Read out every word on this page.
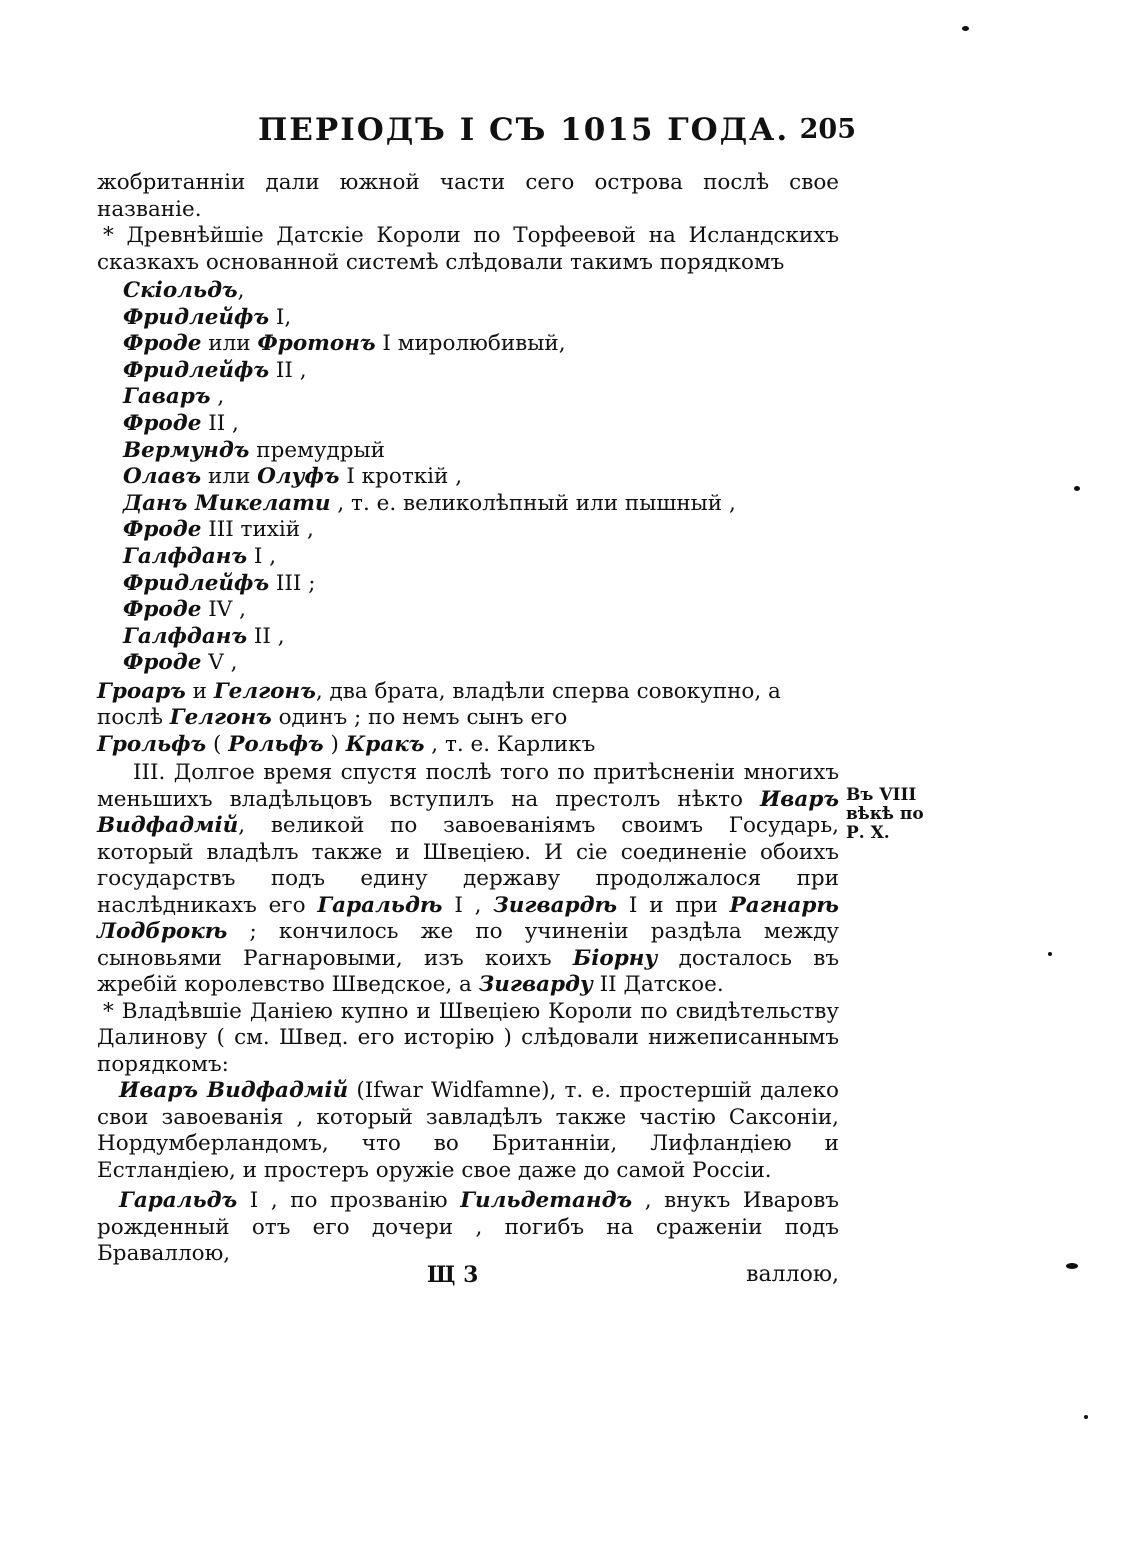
ПЕРІОДЪ І СЪ 1015 ГОДА. 205

жобританніи дали южной части сего острова послѣ свое названіе.

* Древнѣйшіе Датскіе Короли по Торфеевой на Исландскихъ сказкахъ основанной системѣ слѣдовали такимъ порядкомъ

Скіольдъ,
Фридлейфъ I,
Фроде или Фротонъ I миролюбивый,
Фридлейфъ II ,
Гаваръ ,
Фроде II ,
Вермундъ премудрый
Олавъ или Олуфъ I кроткій ,
Данъ Микелати , т. е. великолѣпный или пышный ,
Фроде III тихій ,
Галфданъ I ,
Фридлейфъ III ;
Фроде IV ,
Галфданъ II ,
Фроде V ,

Гроаръ и Гелгонъ, два брата, владѣли сперва совокупно, а послѣ Гелгонъ одинъ ; по немъ сынъ его

Грольфъ ( Рольфъ ) Кракъ , т. е. Карликъ

III. Долгое время спустя послѣ того по притѣсненіи многихъ меньшихъ владѣльцовъ вступилъ на престолъ нѣкто Иваръ Видфадмій, великой по завоеваніямъ своимъ Государь, который владѣлъ также и Швеціею. И сіе соединеніе обоихъ государствъ подъ едину державу продолжалося при наслѣдникахъ его Гаральдѣ I , Зигвардѣ I и при Рагнарѣ Лодброкѣ ; кончилось же по учиненіи раздѣла между сыновьями Рагнаровыми, изъ коихъ Біорну досталось въ жребій королевство Шведское, а Зигварду II Датское.

* Владѣвшіе Даніею купно и Швеціею Короли по свидѣтельству Далинову ( см. Швед. его исторію ) слѣдовали нижеписаннымъ порядкомъ:

Иваръ Видфадмій (Ifwar Widfamne), т. е. простершій далеко свои завоеванія , который завладѣлъ также частію Саксоніи, Нордумберландомъ, что во Британніи, Лифландіею и Естландіею, и простеръ оружіе свое даже до самой Россіи.

Гаральдъ I , по прозванію Гильдетандъ , внукъ Иваровъ рожденный отъ его дочери , погибъ на сраженіи подъ Браваллою,

Въ VIII вѣкѣ по Р. Х.
Щ 3	валлою,
